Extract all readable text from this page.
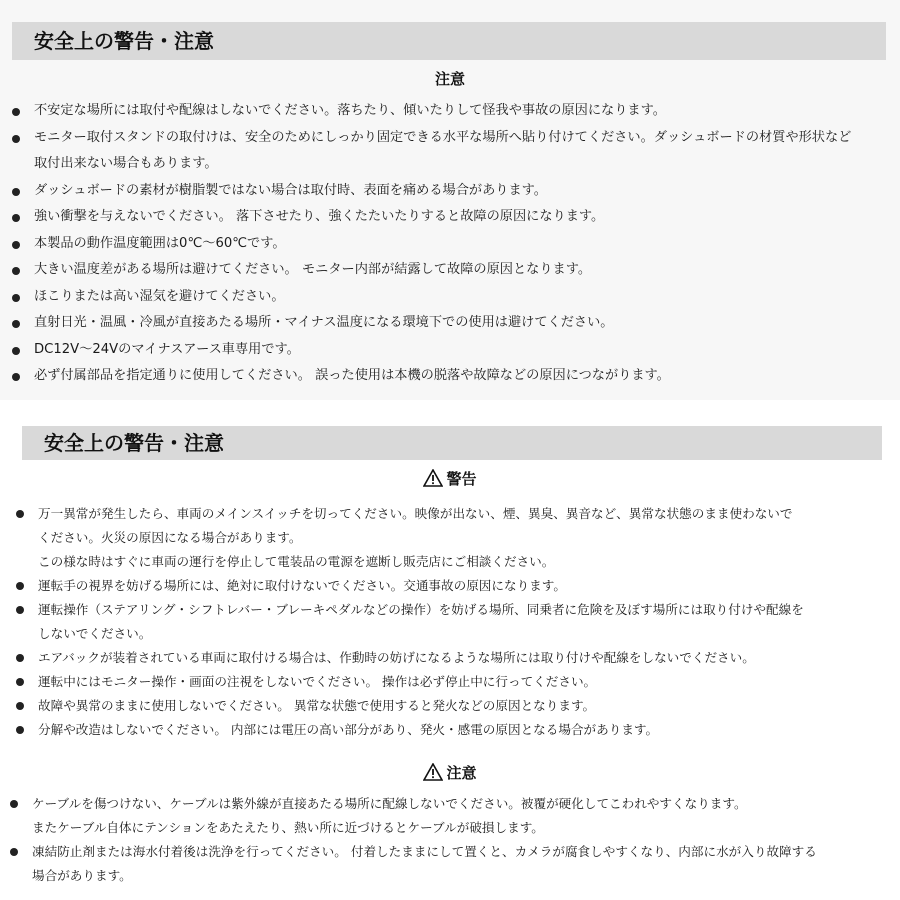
安全上の警告・注意
注意
不安定な場所には取付や配線はしないでください。落ちたり、傾いたりして怪我や事故の原因になります。
モニター取付スタンドの取付けは、安全のためにしっかり固定できる水平な場所へ貼り付けてください。ダッシュボードの材質や形状など
取付出来ない場合もあります。
ダッシュボードの素材が樹脂製ではない場合は取付時、表面を痛める場合があります。
強い衝撃を与えないでください。 落下させたり、強くたたいたりすると故障の原因になります。
本製品の動作温度範囲は0℃～60℃です。
大きい温度差がある場所は避けてください。 モニター内部が結露して故障の原因となります。
ほこりまたは高い湿気を避けてください。
直射日光・温風・冷風が直接あたる場所・マイナス温度になる環境下での使用は避けてください。
DC12V～24Vのマイナスアース車専用です。
必ず付属部品を指定通りに使用してください。 誤った使用は本機の脱落や故障などの原因につながります。
安全上の警告・注意
警告
万一異常が発生したら、車両のメインスイッチを切ってください。映像が出ない、煙、異臭、異音など、異常な状態のまま使わないで
ください。火災の原因になる場合があります。
この様な時はすぐに車両の運行を停止して電装品の電源を遮断し販売店にご相談ください。
運転手の視界を妨げる場所には、絶対に取付けないでください。交通事故の原因になります。
運転操作（ステアリング・シフトレバー・ブレーキペダルなどの操作）を妨げる場所、同乗者に危険を及ぼす場所には取り付けや配線を
しないでください。
エアバックが装着されている車両に取付ける場合は、作動時の妨げになるような場所には取り付けや配線をしないでください。
運転中にはモニター操作・画面の注視をしないでください。 操作は必ず停止中に行ってください。
故障や異常のままに使用しないでください。 異常な状態で使用すると発火などの原因となります。
分解や改造はしないでください。 内部には電圧の高い部分があり、発火・感電の原因となる場合があります。
注意
ケーブルを傷つけない、ケーブルは紫外線が直接あたる場所に配線しないでください。被覆が硬化してこわれやすくなります。
またケーブル自体にテンションをあたえたり、熱い所に近づけるとケーブルが破損します。
凍結防止剤または海水付着後は洗浄を行ってください。 付着したままにして置くと、カメラが腐食しやすくなり、内部に水が入り故障する
場合があります。
